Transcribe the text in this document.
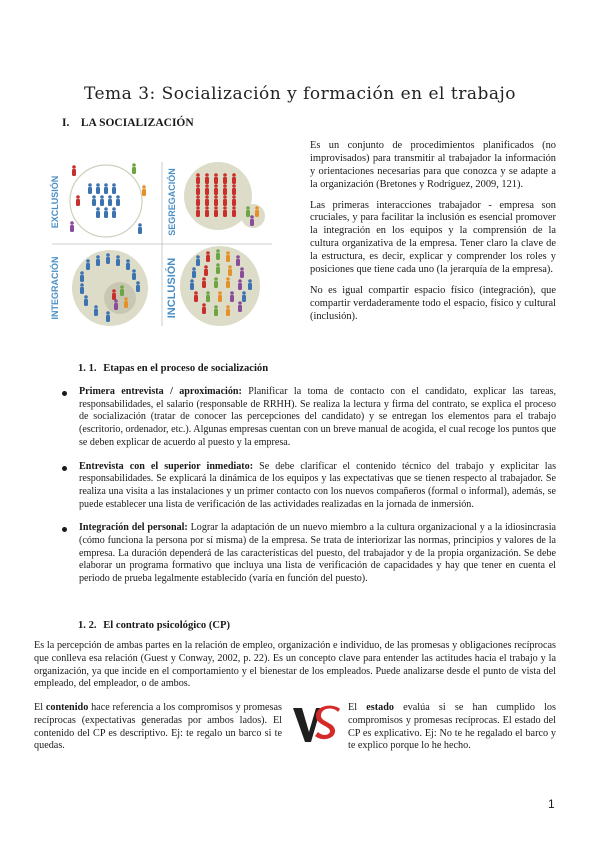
Tema 3: Socialización y formación en el trabajo
I. LA SOCIALIZACIÓN
EXCLUSIÓN	SEGREGACIÓN
INTEGRACIÓN	INCLUSIÓN

Es un conjunto de procedimientos planificados (no improvisados) para transmitir al trabajador la información y orientaciones necesarias para que conozca y se adapte a la organización (Bretones y Rodríguez, 2009, 121).

Las primeras interacciones trabajador - empresa son cruciales, y para facilitar la inclusión es esencial promover la integración en los equipos y la comprensión de la cultura organizativa de la empresa. Tener claro la clave de la estructura, es decir, explicar y comprender los roles y posiciones que tiene cada uno (la jerarquía de la empresa).

No es igual compartir espacio físico (integración), que compartir verdaderamente todo el espacio, físico y cultural (inclusión).

1. 1. Etapas en el proceso de socialización
Primera entrevista / aproximación: Planificar la toma de contacto con el candidato, explicar las tareas, responsabilidades, el salario (responsable de RRHH). Se realiza la lectura y firma del contrato, se explica el proceso de socialización (tratar de conocer las percepciones del candidato) y se entregan los elementos para el trabajo (escritorio, ordenador, etc.). Algunas empresas cuentan con un breve manual de acogida, el cual recoge los puntos que se deben explicar de acuerdo al puesto y la empresa.
Entrevista con el superior inmediato: Se debe clarificar el contenido técnico del trabajo y explicitar las responsabilidades. Se explicará la dinámica de los equipos y las expectativas que se tienen respecto al trabajador. Se realiza una visita a las instalaciones y un primer contacto con los nuevos compañeros (formal o informal), además, se puede establecer una lista de verificación de las actividades realizadas en la jornada de inmersión.
Integración del personal: Lograr la adaptación de un nuevo miembro a la cultura organizacional y a la idiosincrasia (cómo funciona la persona por sí misma) de la empresa. Se trata de interiorizar las normas, principios y valores de la empresa. La duración dependerá de las características del puesto, del trabajador y de la propia organización. Se debe elaborar un programa formativo que incluya una lista de verificación de capacidades y hay que tener en cuenta el periodo de prueba legalmente establecido (varía en función del puesto).
1. 2. El contrato psicológico (CP)

Es la percepción de ambas partes en la relación de empleo, organización e individuo, de las promesas y obligaciones recíprocas que conlleva esa relación (Guest y Conway, 2002, p. 22). Es un concepto clave para entender las actitudes hacia el trabajo y la organización, ya que incide en el comportamiento y el bienestar de los empleados. Puede analizarse desde el punto de vista del empleado, del empleador, o de ambos.

El contenido hace referencia a los compromisos y promesas recíprocas (expectativas generadas por ambos lados). El contenido del CP es descriptivo. Ej: te regalo un barco si te quedas.

El estado evalúa si se han cumplido los compromisos y promesas recíprocas. El estado del CP es explicativo. Ej: No te he regalado el barco y te explico porque lo he hecho.

1
